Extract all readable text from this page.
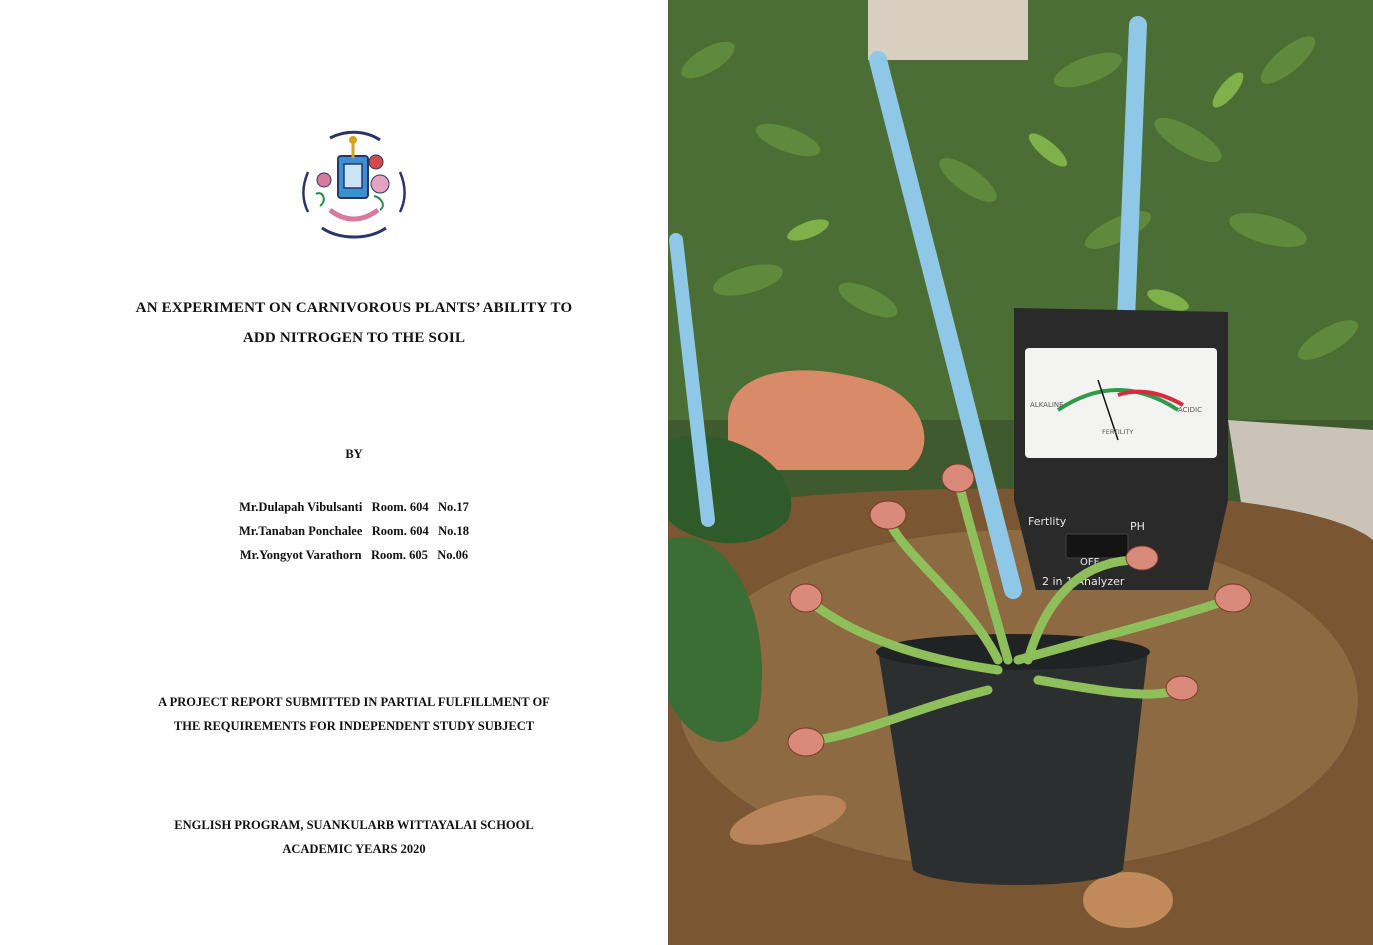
AN EXPERIMENT ON CARNIVOROUS PLANTS’ ABILITY TO
ADD NITROGEN TO THE SOIL
BY
Mr.Dulapah Vibulsanti   Room. 604   No.17
Mr.Tanaban Ponchalee   Room. 604   No.18
Mr.Yongyot Varathorn   Room. 605   No.06
A PROJECT REPORT SUBMITTED IN PARTIAL FULFILLMENT OF
THE REQUIREMENTS FOR INDEPENDENT STUDY SUBJECT
ENGLISH PROGRAM, SUANKULARB WITTAYALAI SCHOOL
ACADEMIC YEARS 2020
ALKALINE
ACIDIC
FERTILITY
Fertlity	PH
OFF
2 in 1 Analyzer
